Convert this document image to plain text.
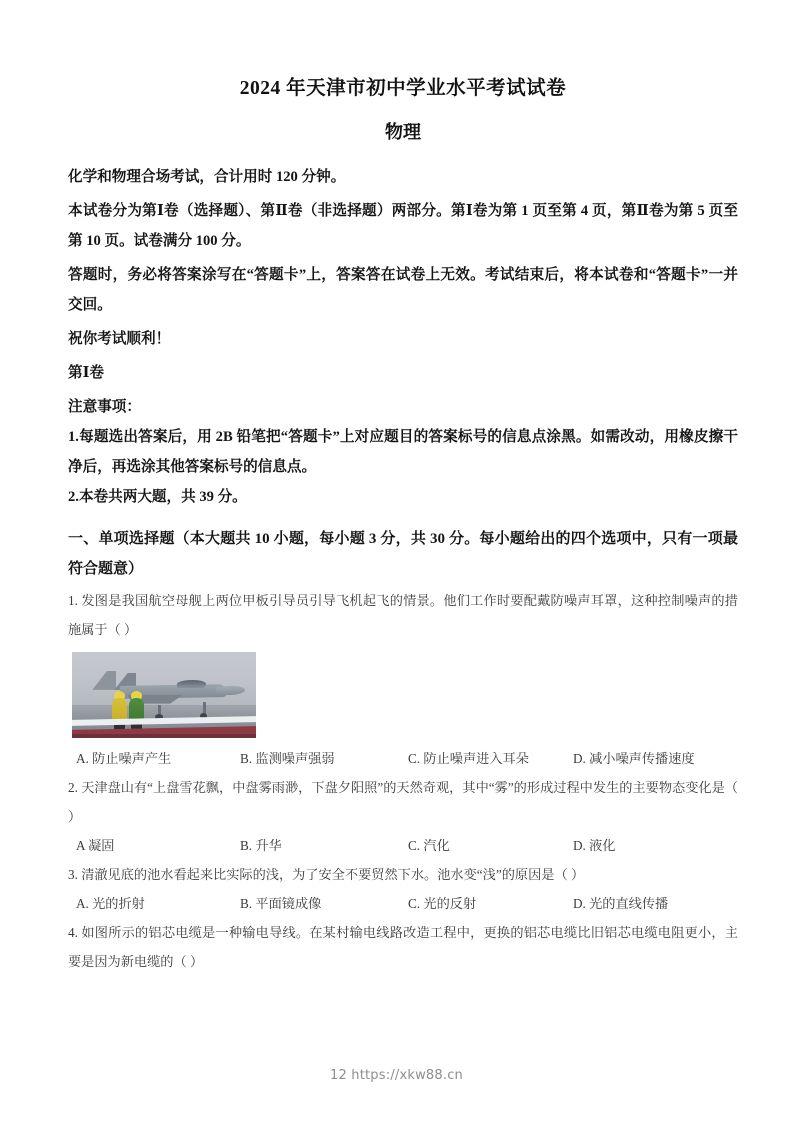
2024 年天津市初中学业水平考试试卷
物理

化学和物理合场考试，合计用时 120 分钟。

本试卷分为第Ⅰ卷（选择题）、第Ⅱ卷（非选择题）两部分。第Ⅰ卷为第 1 页至第 4 页，第Ⅱ卷为第 5 页至第 10 页。试卷满分 100 分。

答题时，务必将答案涂写在“答题卡”上，答案答在试卷上无效。考试结束后，将本试卷和“答题卡”一并交回。

祝你考试顺利！

第Ⅰ卷

注意事项：

1.每题选出答案后，用 2B 铅笔把“答题卡”上对应题目的答案标号的信息点涂黑。如需改动，用橡皮擦干净后，再选涂其他答案标号的信息点。

2.本卷共两大题，共 39 分。

一、单项选择题（本大题共 10 小题，每小题 3 分，共 30 分。每小题给出的四个选项中，只有一项最符合题意）

1. 发图是我国航空母舰上两位甲板引导员引导飞机起飞的情景。他们工作时要配戴防噪声耳罩，这种控制噪声的措施属于（ ）

A. 防止噪声产生	B. 监测噪声强弱	C. 防止噪声进入耳朵	D. 减小噪声传播速度

2. 天津盘山有“上盘雪花飘，中盘雾雨渺，下盘夕阳照”的天然奇观，其中“雾”的形成过程中发生的主要物态变化是（ ）

A 凝固	B. 升华	C. 汽化	D. 液化

3. 清澈见底的池水看起来比实际的浅，为了安全不要贸然下水。池水变“浅”的原因是（ ）

A. 光的折射	B. 平面镜成像	C. 光的反射	D. 光的直线传播

4. 如图所示的铝芯电缆是一种输电导线。在某村输电线路改造工程中，更换的铝芯电缆比旧铝芯电缆电阻更小，主要是因为新电缆的（ ）

12 https://xkw88.cn
